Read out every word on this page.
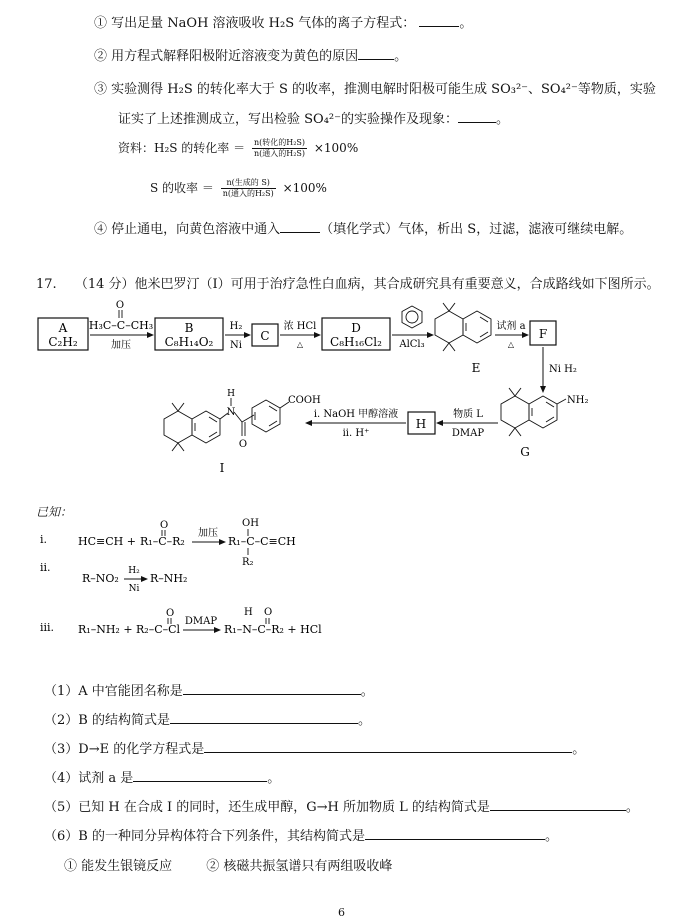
① 写出足量 NaOH 溶液吸收 H₂S 气体的离子方程式：	。
② 用方程式解释阳极附近溶液变为黄色的原因	。
③ 实验测得 H₂S 的转化率大于 S 的收率，推测电解时阳极可能生成 SO₃²⁻、SO₄²⁻等物质，实验
证实了上述推测成立，写出检验 SO₄²⁻的实验操作及现象：	。
资料：H₂S 的转化率 ＝ $\frac{\text{n(转化的H₂S)}}{\text{n(通入的H₂S)}} \times 100\%$
S 的收率 ＝ $\frac{\text{n(生成的 S)}}{\text{n(通入的H₂S)}} \times 100\%$
④ 停止通电，向黄色溶液中通入	（填化学式）气体，析出 S，过滤，滤液可继续电解。
17. （14 分）他米巴罗汀（I）可用于治疗急性白血病，其合成研究具有重要意义，合成路线如下图所示。
A
C₂H₂
O
H₃C–C–CH₃
加压
B
C₈H₁₄O₂
H₂
Ni
C
浓 HCl
△
D
C₈H₁₆Cl₂ AlCl₃
E
试剂 a
△
F
Ni H₂
NH₂
G
物质 L
DMAP
H
i. NaOH 甲醇溶液
ii. H⁺
H
N
O
COOH
I
已知：
i.	HC≡CH +
O
R₁–C–R₂
加压
OH
R₁–C–C≡CH
R₂
ii.
R–NO₂
H₂
Ni
R–NH₂
iii. R₁–NH₂ + R₂–C–Cl
O
DMAP
H O
R₁–N–C–R₂ + HCl
（1）A 中官能团名称是	。
（2）B 的结构简式是	。
（3）D→E 的化学方程式是	。
（4）试剂 a 是	。
（5）已知 H 在合成 I 的同时，还生成甲醇，G→H 所加物质 L 的结构简式是	。
（6）B 的一种同分异构体符合下列条件，其结构简式是	。
① 能发生银镜反应	② 核磁共振氢谱只有两组吸收峰
6
